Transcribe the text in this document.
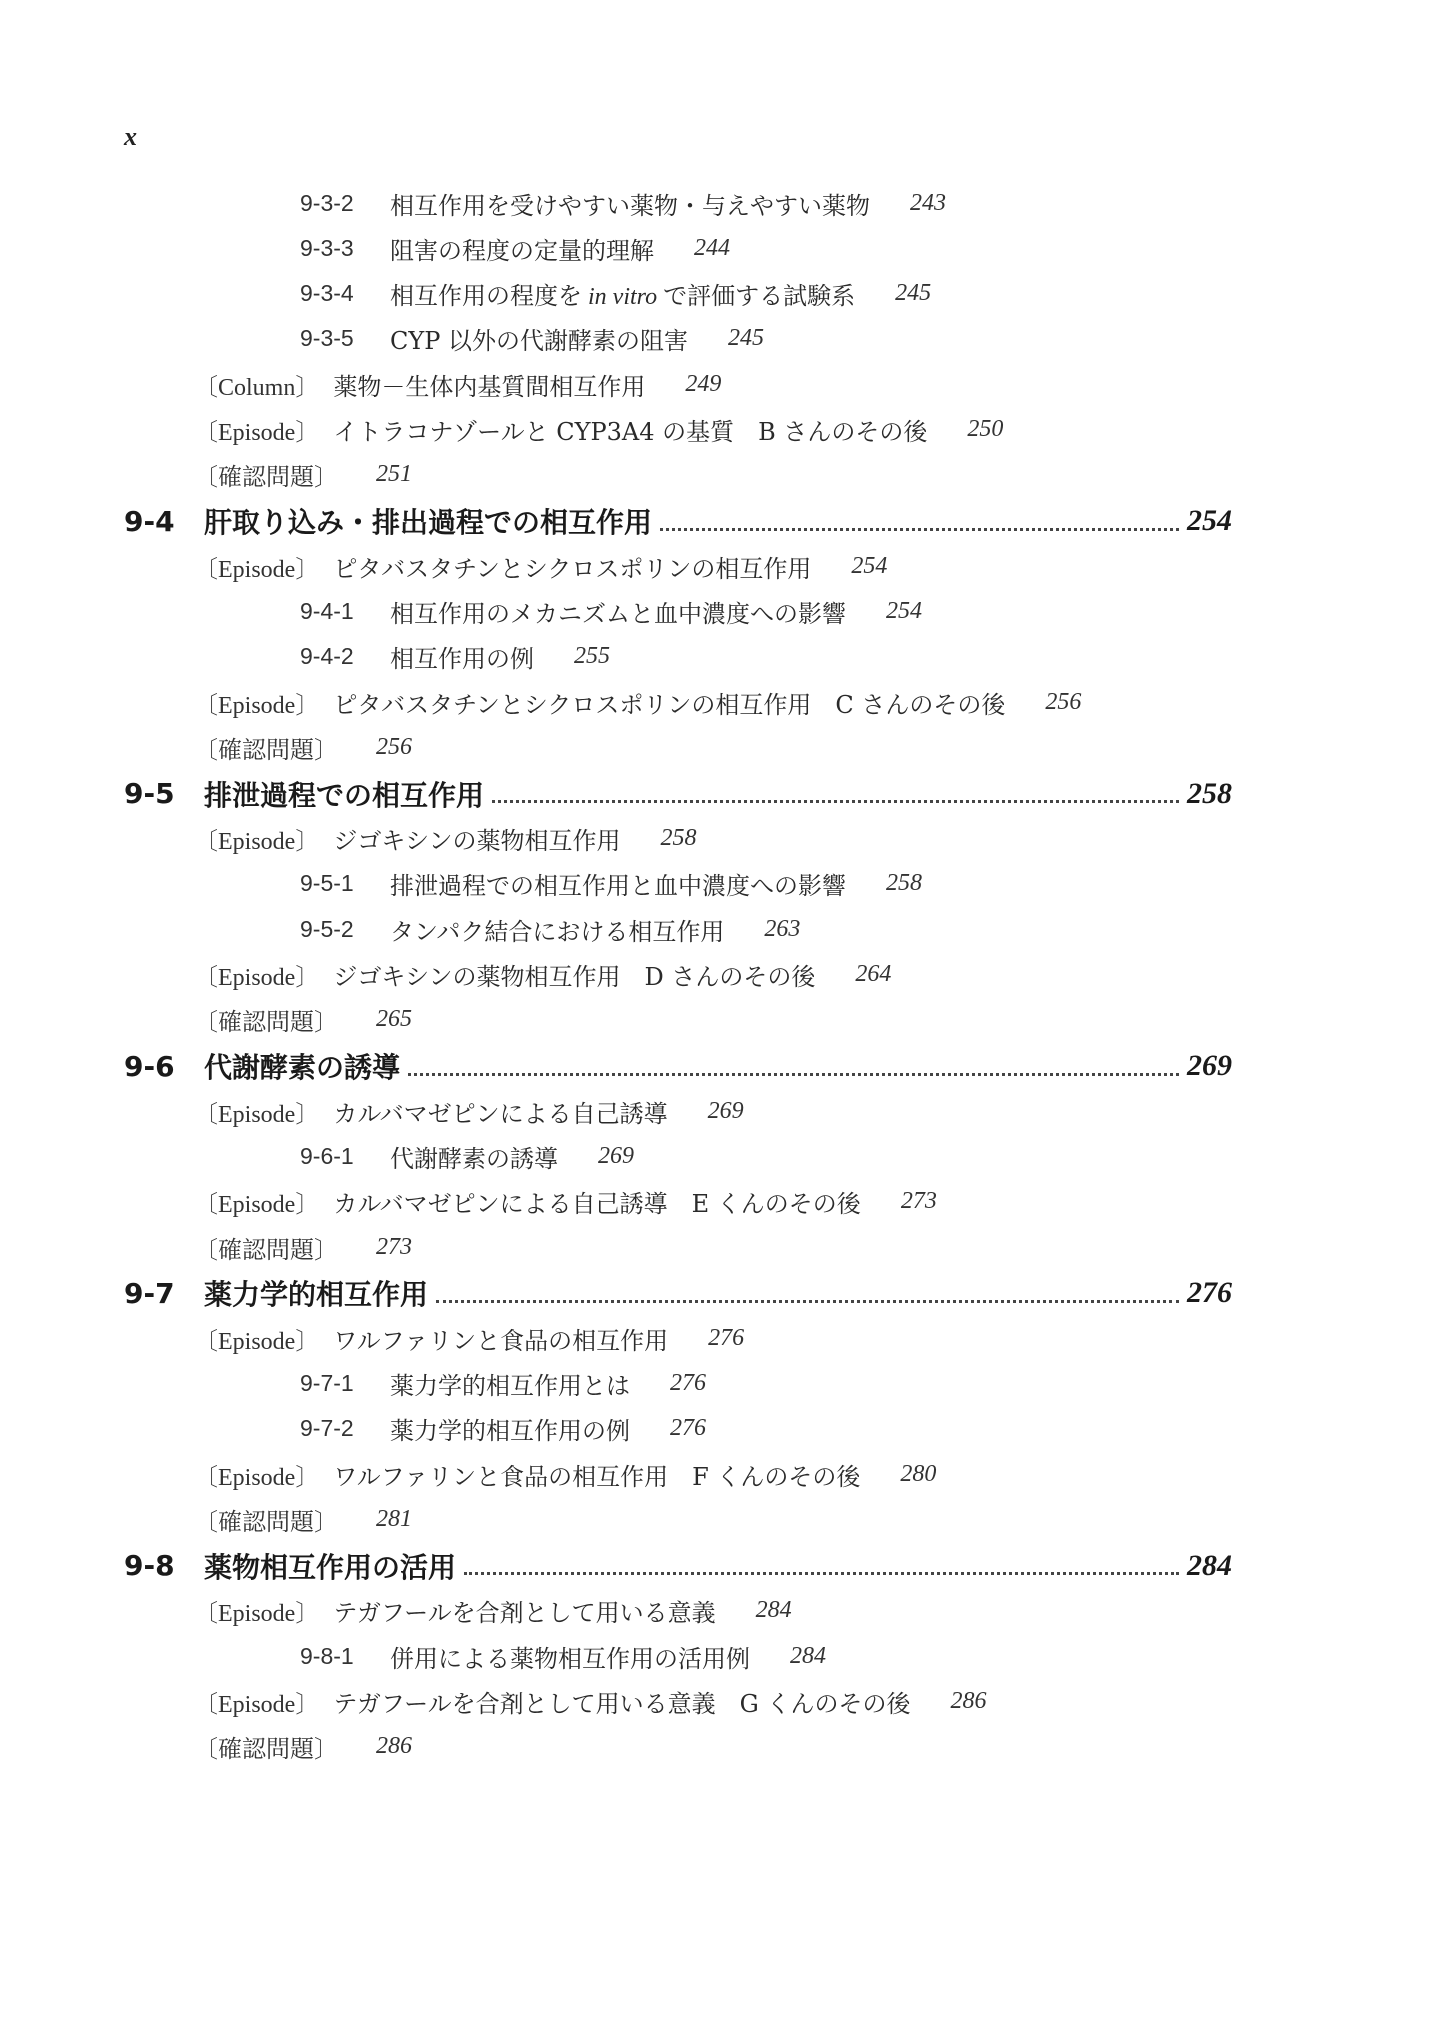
x
9-3-2	相互作用を受けやすい薬物・与えやすい薬物 243
9-3-3	阻害の程度の定量的理解 244
9-3-4	相互作用の程度を in vitro で評価する試験系 245
9-3-5	CYP 以外の代謝酵素の阻害 245
〔Column〕 薬物－生体内基質間相互作用 249
〔Episode〕 イトラコナゾールと CYP3A4 の基質 B さんのその後 250
〔確認問題〕 251
9-4	肝取り込み・排出過程での相互作用	254
〔Episode〕 ピタバスタチンとシクロスポリンの相互作用 254
9-4-1	相互作用のメカニズムと血中濃度への影響 254
9-4-2	相互作用の例 255
〔Episode〕 ピタバスタチンとシクロスポリンの相互作用 C さんのその後 256
〔確認問題〕 256
9-5	排泄過程での相互作用	258
〔Episode〕 ジゴキシンの薬物相互作用 258
9-5-1	排泄過程での相互作用と血中濃度への影響 258
9-5-2	タンパク結合における相互作用 263
〔Episode〕 ジゴキシンの薬物相互作用 D さんのその後 264
〔確認問題〕 265
9-6	代謝酵素の誘導	269
〔Episode〕 カルバマゼピンによる自己誘導 269
9-6-1	代謝酵素の誘導 269
〔Episode〕 カルバマゼピンによる自己誘導 E くんのその後 273
〔確認問題〕 273
9-7	薬力学的相互作用	276
〔Episode〕 ワルファリンと食品の相互作用 276
9-7-1	薬力学的相互作用とは 276
9-7-2	薬力学的相互作用の例 276
〔Episode〕 ワルファリンと食品の相互作用 F くんのその後 280
〔確認問題〕 281
9-8	薬物相互作用の活用	284
〔Episode〕 テガフールを合剤として用いる意義 284
9-8-1	併用による薬物相互作用の活用例 284
〔Episode〕 テガフールを合剤として用いる意義 G くんのその後 286
〔確認問題〕 286
